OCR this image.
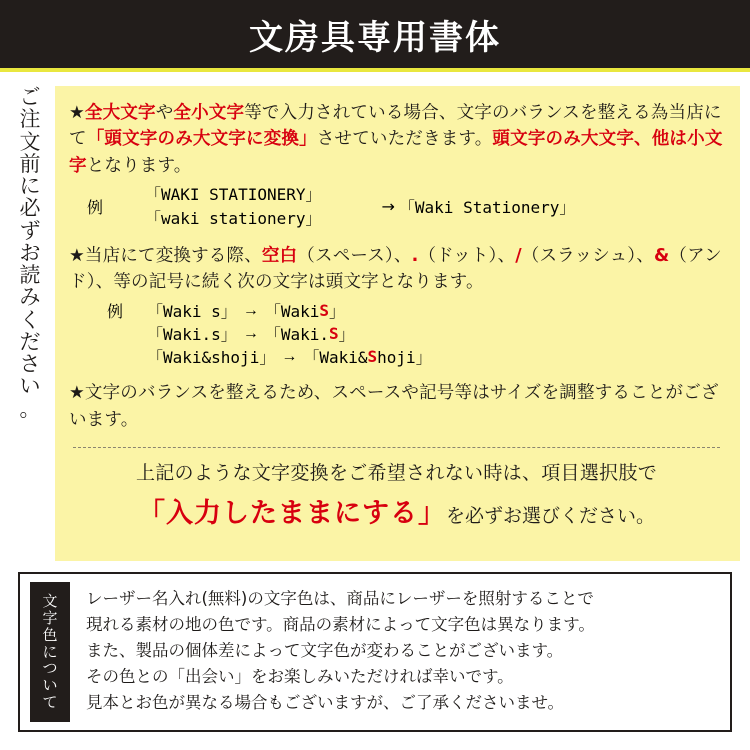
文房具専用書体
ご
注
文
前
に
必
ず
お
読
み
く
だ
さ
い
。
★全大文字や全小文字等で入力されている場合、文字のバランスを整える為当店にて「頭文字のみ大文字に変換」させていただきます。頭文字のみ大文字、他は小文字となります。
例
「WAKI STATIONERY」
「waki stationery」
→ 「Waki Stationery」
★当店にて変換する際、空白（スペース）、.（ドット）、/（スラッシュ）、&（アンド）、等の記号に続く次の文字は頭文字となります。
例	「Waki s」 → 「Waki S 」
「Waki.s」 → 「Waki. S 」
「Waki&shoji」 → 「Waki& S hoji」
★文字のバランスを整えるため、スペースや記号等はサイズを調整することがございます。
上記のような文字変換をご希望されない時は、項目選択肢で
「入力したままにする」を必ずお選びください。
文
字
色
に
つ
い
て
レーザー名入れ(無料)の文字色は、商品にレーザーを照射することで
現れる素材の地の色です。商品の素材によって文字色は異なります。
また、製品の個体差によって文字色が変わることがございます。
その色との「出会い」をお楽しみいただければ幸いです。
見本とお色が異なる場合もございますが、ご了承くださいませ。
